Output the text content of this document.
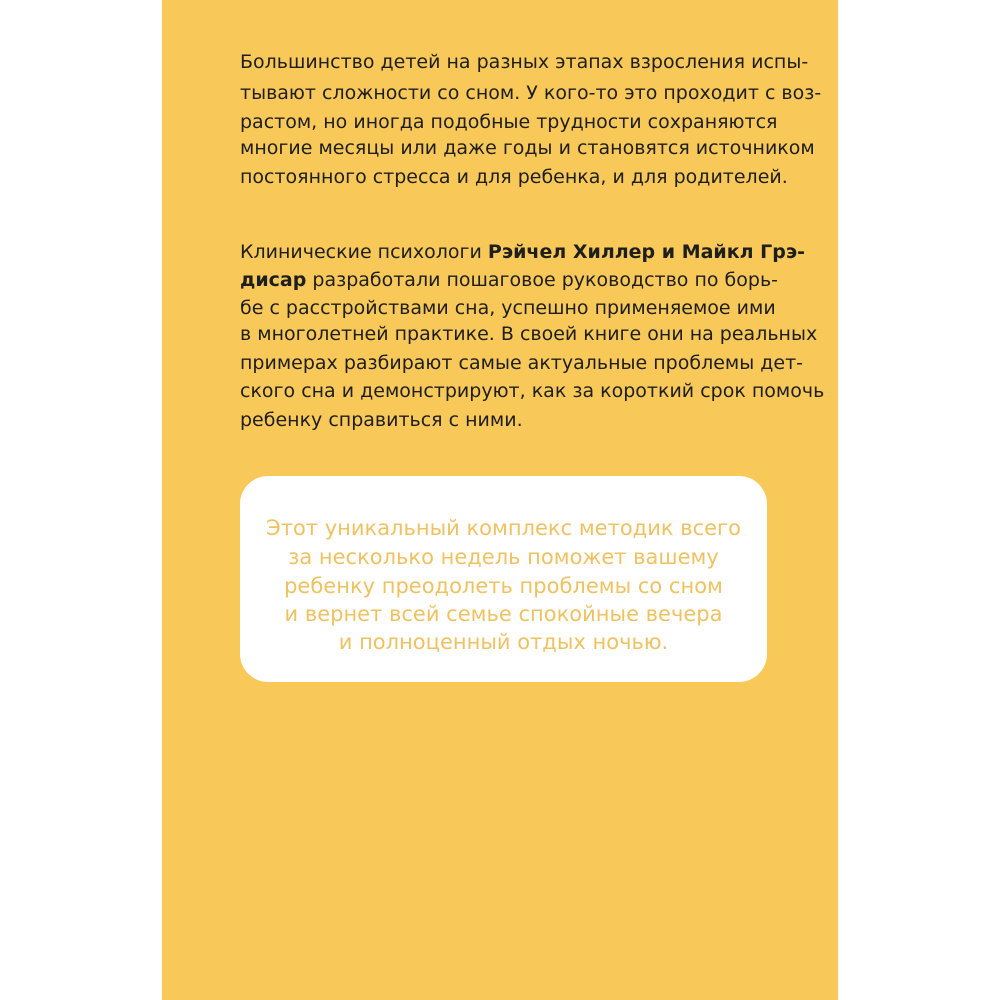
Большинство детей на разных этапах взросления испы-

тывают сложности со сном. У кого-то это проходит с воз-

растом, но иногда подобные трудности сохраняются

многие месяцы или даже годы и становятся источником

постоянного стресса и для ребенка, и для родителей.

Клинические психологи Рэйчел Хиллер и Майкл Грэ-

дисар разработали пошаговое руководство по борь-

бе с расстройствами сна, успешно применяемое ими

в многолетней практике. В своей книге они на реальных

примерах разбирают самые актуальные проблемы дет-

ского сна и демонстрируют, как за короткий срок помочь

ребенку справиться с ними.

Этот уникальный комплекс методик всего

за несколько недель поможет вашему

ребенку преодолеть проблемы со сном

и вернет всей семье спокойные вечера

и полноценный отдых ночью.
